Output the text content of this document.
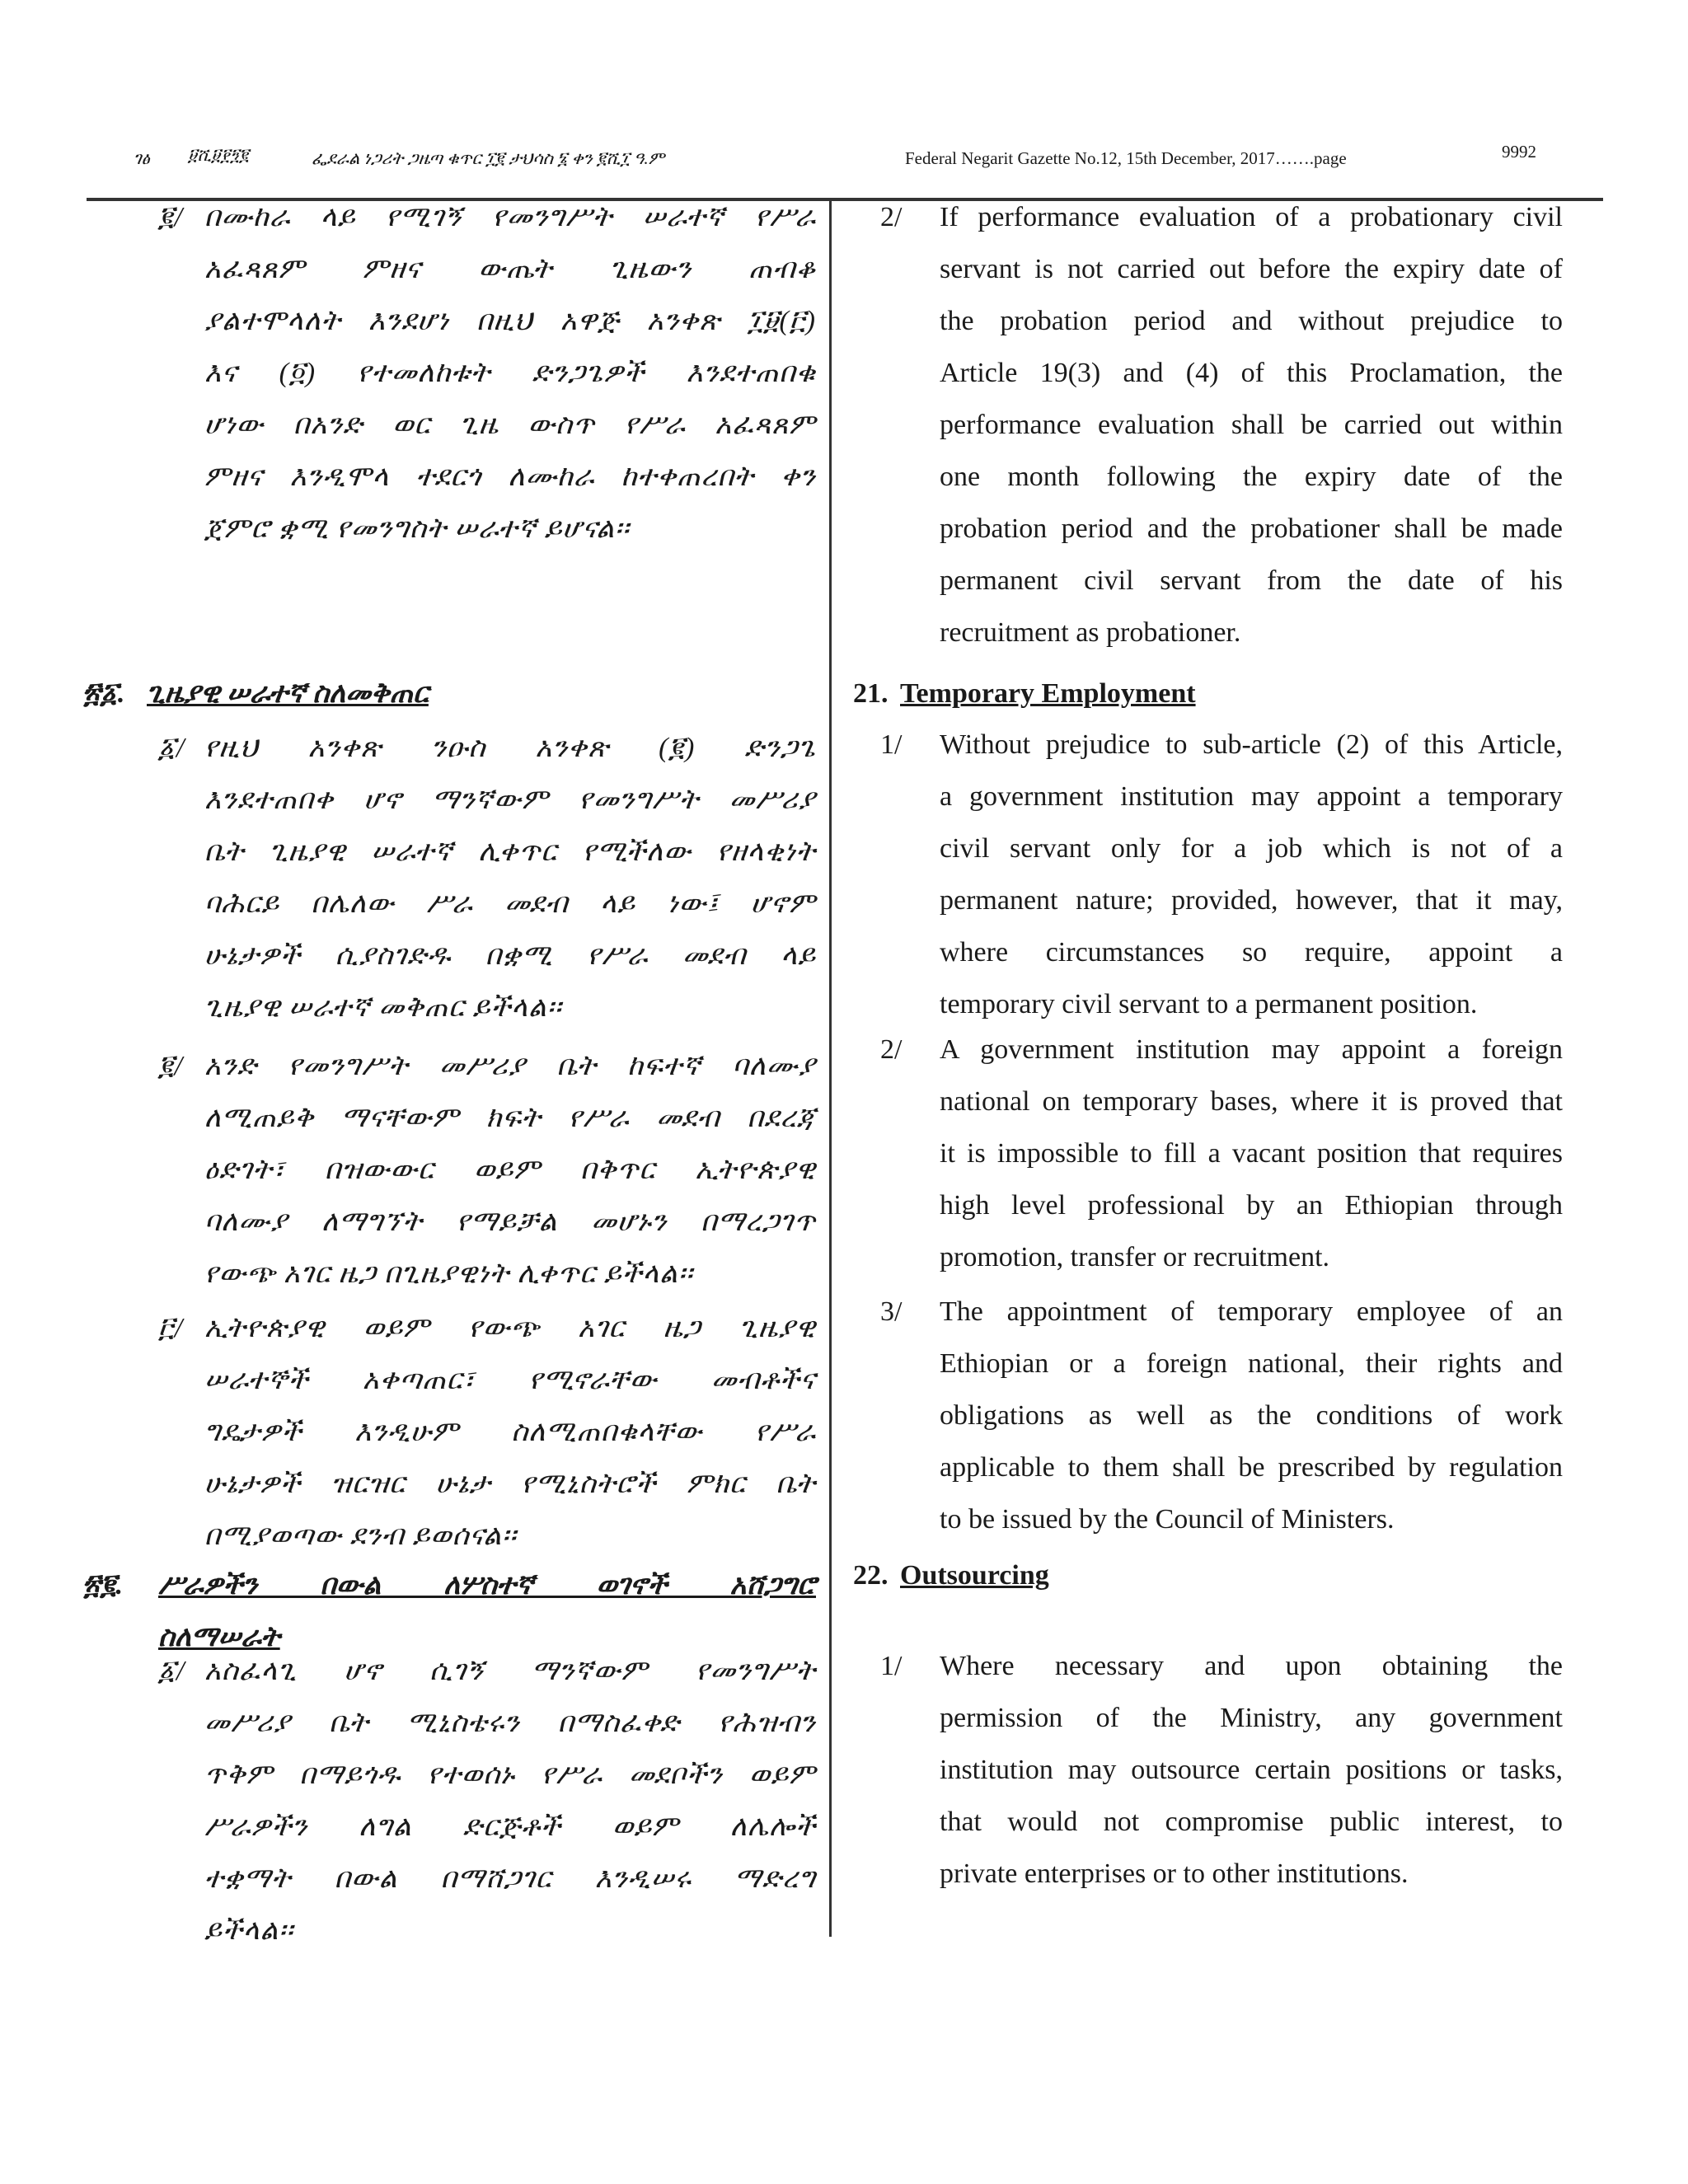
ገፅ ፱ሺ፱፻፺፪	ፌደራል ነጋሪት ጋዜጣ ቁጥር ፲፪ ታህሳስ ፮ ቀን ፪ሺ፲ ዓ.ም	Federal Negarit Gazette No.12, 15th December, 2017…….page	9992
፪/ በሙከራ ላይ የሚገኝ የመንግሥት ሠራተኛ የሥራ
አፈጻጸም ምዘና ውጤት ጊዜውን ጠብቆ
ያልተሞላለት እንደሆነ በዚህ አዋጅ አንቀጽ ፲፱(፫)
እና (፬) የተመለከቱት ድንጋጌዎች እንደተጠበቁ
ሆነው በአንድ ወር ጊዜ ውስጥ የሥራ አፈጻጸም
ምዘና እንዲሞላ ተደርጎ ለሙከራ ከተቀጠረበት ቀን
ጀምሮ ቋሚ የመንግስት ሠራተኛ ይሆናል፡፡
፳፩. ጊዜያዊ ሠራተኛ ስለመቅጠር
፩/ የዚህ አንቀጽ ንዑስ አንቀጽ (፪) ድንጋጌ
እንደተጠበቀ ሆኖ ማንኛውም የመንግሥት መሥሪያ
ቤት ጊዜያዊ ሠራተኛ ሊቀጥር የሚችለው የዘላቂነት
ባሕርይ በሌለው ሥራ መደብ ላይ ነው፤ ሆኖም
ሁኔታዎች ሲያስገድዱ በቋሚ የሥራ መደብ ላይ
ጊዜያዊ ሠራተኛ መቅጠር ይችላል፡፡
፪/ አንድ የመንግሥት መሥሪያ ቤት ከፍተኛ ባለሙያ
ለሚጠይቅ ማናቸውም ክፍት የሥራ መደብ በደረጃ
ዕድገት፣ በዝውውር ወይም በቅጥር ኢትዮጵያዊ
ባለሙያ ለማግኘት የማይቻል መሆኑን በማረጋገጥ
የውጭ አገር ዜጋ በጊዜያዊነት ሊቀጥር ይችላል፡፡
፫/ ኢትዮጵያዊ ወይም የውጭ አገር ዜጋ ጊዜያዊ
ሠራተኞች አቀጣጠር፣ የሚኖራቸው መብቶችና
ግዴታዎች እንዲሁም ስለሚጠበቁላቸው የሥራ
ሁኔታዎች ዝርዝር ሁኔታ የሚኒስትሮች ምክር ቤት
በሚያወጣው ደንብ ይወሰናል፡፡
፳፪. ሥራዎችን በውል ለሦስተኛ ወገኖች አሸጋግሮ
ስለማሠራት
፩/ አስፈላጊ ሆኖ ሲገኝ ማንኛውም የመንግሥት
መሥሪያ ቤት ሚኒስቴሩን በማስፈቀድ የሕዝብን
ጥቅም በማይጎዱ የተወሰኑ የሥራ መደቦችን ወይም
ሥራዎችን ለግል ድርጅቶች ወይም ለሌሎች
ተቋማት በውል በማሸጋገር እንዲሠሩ ማድረግ
ይችላል፡፡
2/ If performance evaluation of a probationary civil
servant is not carried out before the expiry date of
the probation period and without prejudice to
Article 19(3) and (4) of this Proclamation, the
performance evaluation shall be carried out within
one month following the expiry date of the
probation period and the probationer shall be made
permanent civil servant from the date of his
recruitment as probationer.
21. Temporary Employment
1/ Without prejudice to sub-article (2) of this Article,
a government institution may appoint a temporary
civil servant only for a job which is not of a
permanent nature; provided, however, that it may,
where circumstances so require, appoint a
temporary civil servant to a permanent position.
2/ A government institution may appoint a foreign
national on temporary bases, where it is proved that
it is impossible to fill a vacant position that requires
high level professional by an Ethiopian through
promotion, transfer or recruitment.
3/ The appointment of temporary employee of an
Ethiopian or a foreign national, their rights and
obligations as well as the conditions of work
applicable to them shall be prescribed by regulation
to be issued by the Council of Ministers.
22. Outsourcing
1/ Where necessary and upon obtaining the
permission of the Ministry, any government
institution may outsource certain positions or tasks,
that would not compromise public interest, to
private enterprises or to other institutions.
